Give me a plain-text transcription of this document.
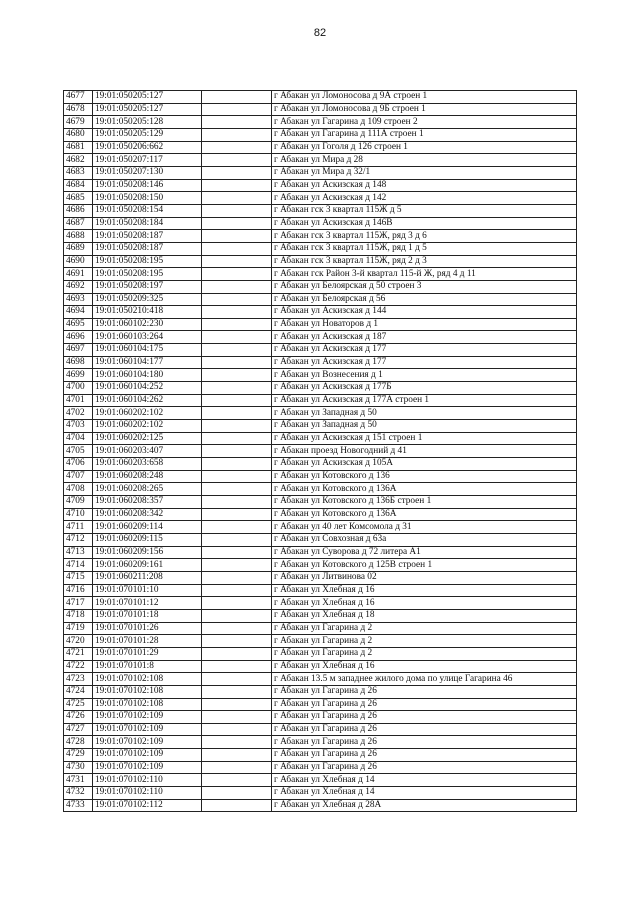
82
4677	19:01:050205:127		г Абакан ул Ломоносова д 9А строен 1
4678	19:01:050205:127		г Абакан ул Ломоносова д 9Б строен 1
4679	19:01:050205:128		г Абакан ул Гагарина д 109 строен 2
4680	19:01:050205:129		г Абакан ул Гагарина д 111А строен 1
4681	19:01:050206:662		г Абакан ул Гоголя д 126 строен 1
4682	19:01:050207:117		г Абакан ул Мира д 28
4683	19:01:050207:130		г Абакан ул Мира д 32/1
4684	19:01:050208:146		г Абакан ул Аскизская д 148
4685	19:01:050208:150		г Абакан ул Аскизская д 142
4686	19:01:050208:154		г Абакан гск 3 квартал 115Ж д 5
4687	19:01:050208:184		г Абакан ул Аскизская д 146В
4688	19:01:050208:187		г Абакан гск 3 квартал 115Ж, ряд 3 д 6
4689	19:01:050208:187		г Абакан гск 3 квартал 115Ж, ряд 1 д 5
4690	19:01:050208:195		г Абакан гск 3 квартал 115Ж, ряд 2 д 3
4691	19:01:050208:195		г Абакан гск Район 3-й квартал 115-й Ж, ряд 4 д 11
4692	19:01:050208:197		г Абакан ул Белоярская д 50 строен 3
4693	19:01:050209:325		г Абакан ул Белоярская д 56
4694	19:01:050210:418		г Абакан ул Аскизская д 144
4695	19:01:060102:230		г Абакан ул Новаторов д 1
4696	19:01:060103:264		г Абакан ул Аскизская д 187
4697	19:01:060104:175		г Абакан ул Аскизская д 177
4698	19:01:060104:177		г Абакан ул Аскизская д 177
4699	19:01:060104:180		г Абакан ул Вознесения д 1
4700	19:01:060104:252		г Абакан ул Аскизская д 177Б
4701	19:01:060104:262		г Абакан ул Аскизская д 177А строен 1
4702	19:01:060202:102		г Абакан ул Западная д 50
4703	19:01:060202:102		г Абакан ул Западная д 50
4704	19:01:060202:125		г Абакан ул Аскизская д 151 строен 1
4705	19:01:060203:407		г Абакан проезд Новогодний д 41
4706	19:01:060203:658		г Абакан ул Аскизская д 105А
4707	19:01:060208:248		г Абакан ул Котовского д 136
4708	19:01:060208:265		г Абакан ул Котовского д 136А
4709	19:01:060208:357		г Абакан ул Котовского д 136Б строен 1
4710	19:01:060208:342		г Абакан ул Котовского д 136А
4711	19:01:060209:114		г Абакан ул 40 лет Комсомола д 31
4712	19:01:060209:115		г Абакан ул Совхозная д 63а
4713	19:01:060209:156		г Абакан ул Суворова д 72 литера А1
4714	19:01:060209:161		г Абакан ул Котовского д 125В строен 1
4715	19:01:060211:208		г Абакан ул Литвинова 02
4716	19:01:070101:10		г Абакан ул Хлебная д 16
4717	19:01:070101:12		г Абакан ул Хлебная д 16
4718	19:01:070101:18		г Абакан ул Хлебная д 18
4719	19:01:070101:26		г Абакан ул Гагарина д 2
4720	19:01:070101:28		г Абакан ул Гагарина д 2
4721	19:01:070101:29		г Абакан ул Гагарина д 2
4722	19:01:070101:8		г Абакан ул Хлебная д 16
4723	19:01:070102:108		г Абакан 13.5 м западнее жилого дома по улице Гагарина 46
4724	19:01:070102:108		г Абакан ул Гагарина д 26
4725	19:01:070102:108		г Абакан ул Гагарина д 26
4726	19:01:070102:109		г Абакан ул Гагарина д 26
4727	19:01:070102:109		г Абакан ул Гагарина д 26
4728	19:01:070102:109		г Абакан ул Гагарина д 26
4729	19:01:070102:109		г Абакан ул Гагарина д 26
4730	19:01:070102:109		г Абакан ул Гагарина д 26
4731	19:01:070102:110		г Абакан ул Хлебная д 14
4732	19:01:070102:110		г Абакан ул Хлебная д 14
4733	19:01:070102:112		г Абакан ул Хлебная д 28А
